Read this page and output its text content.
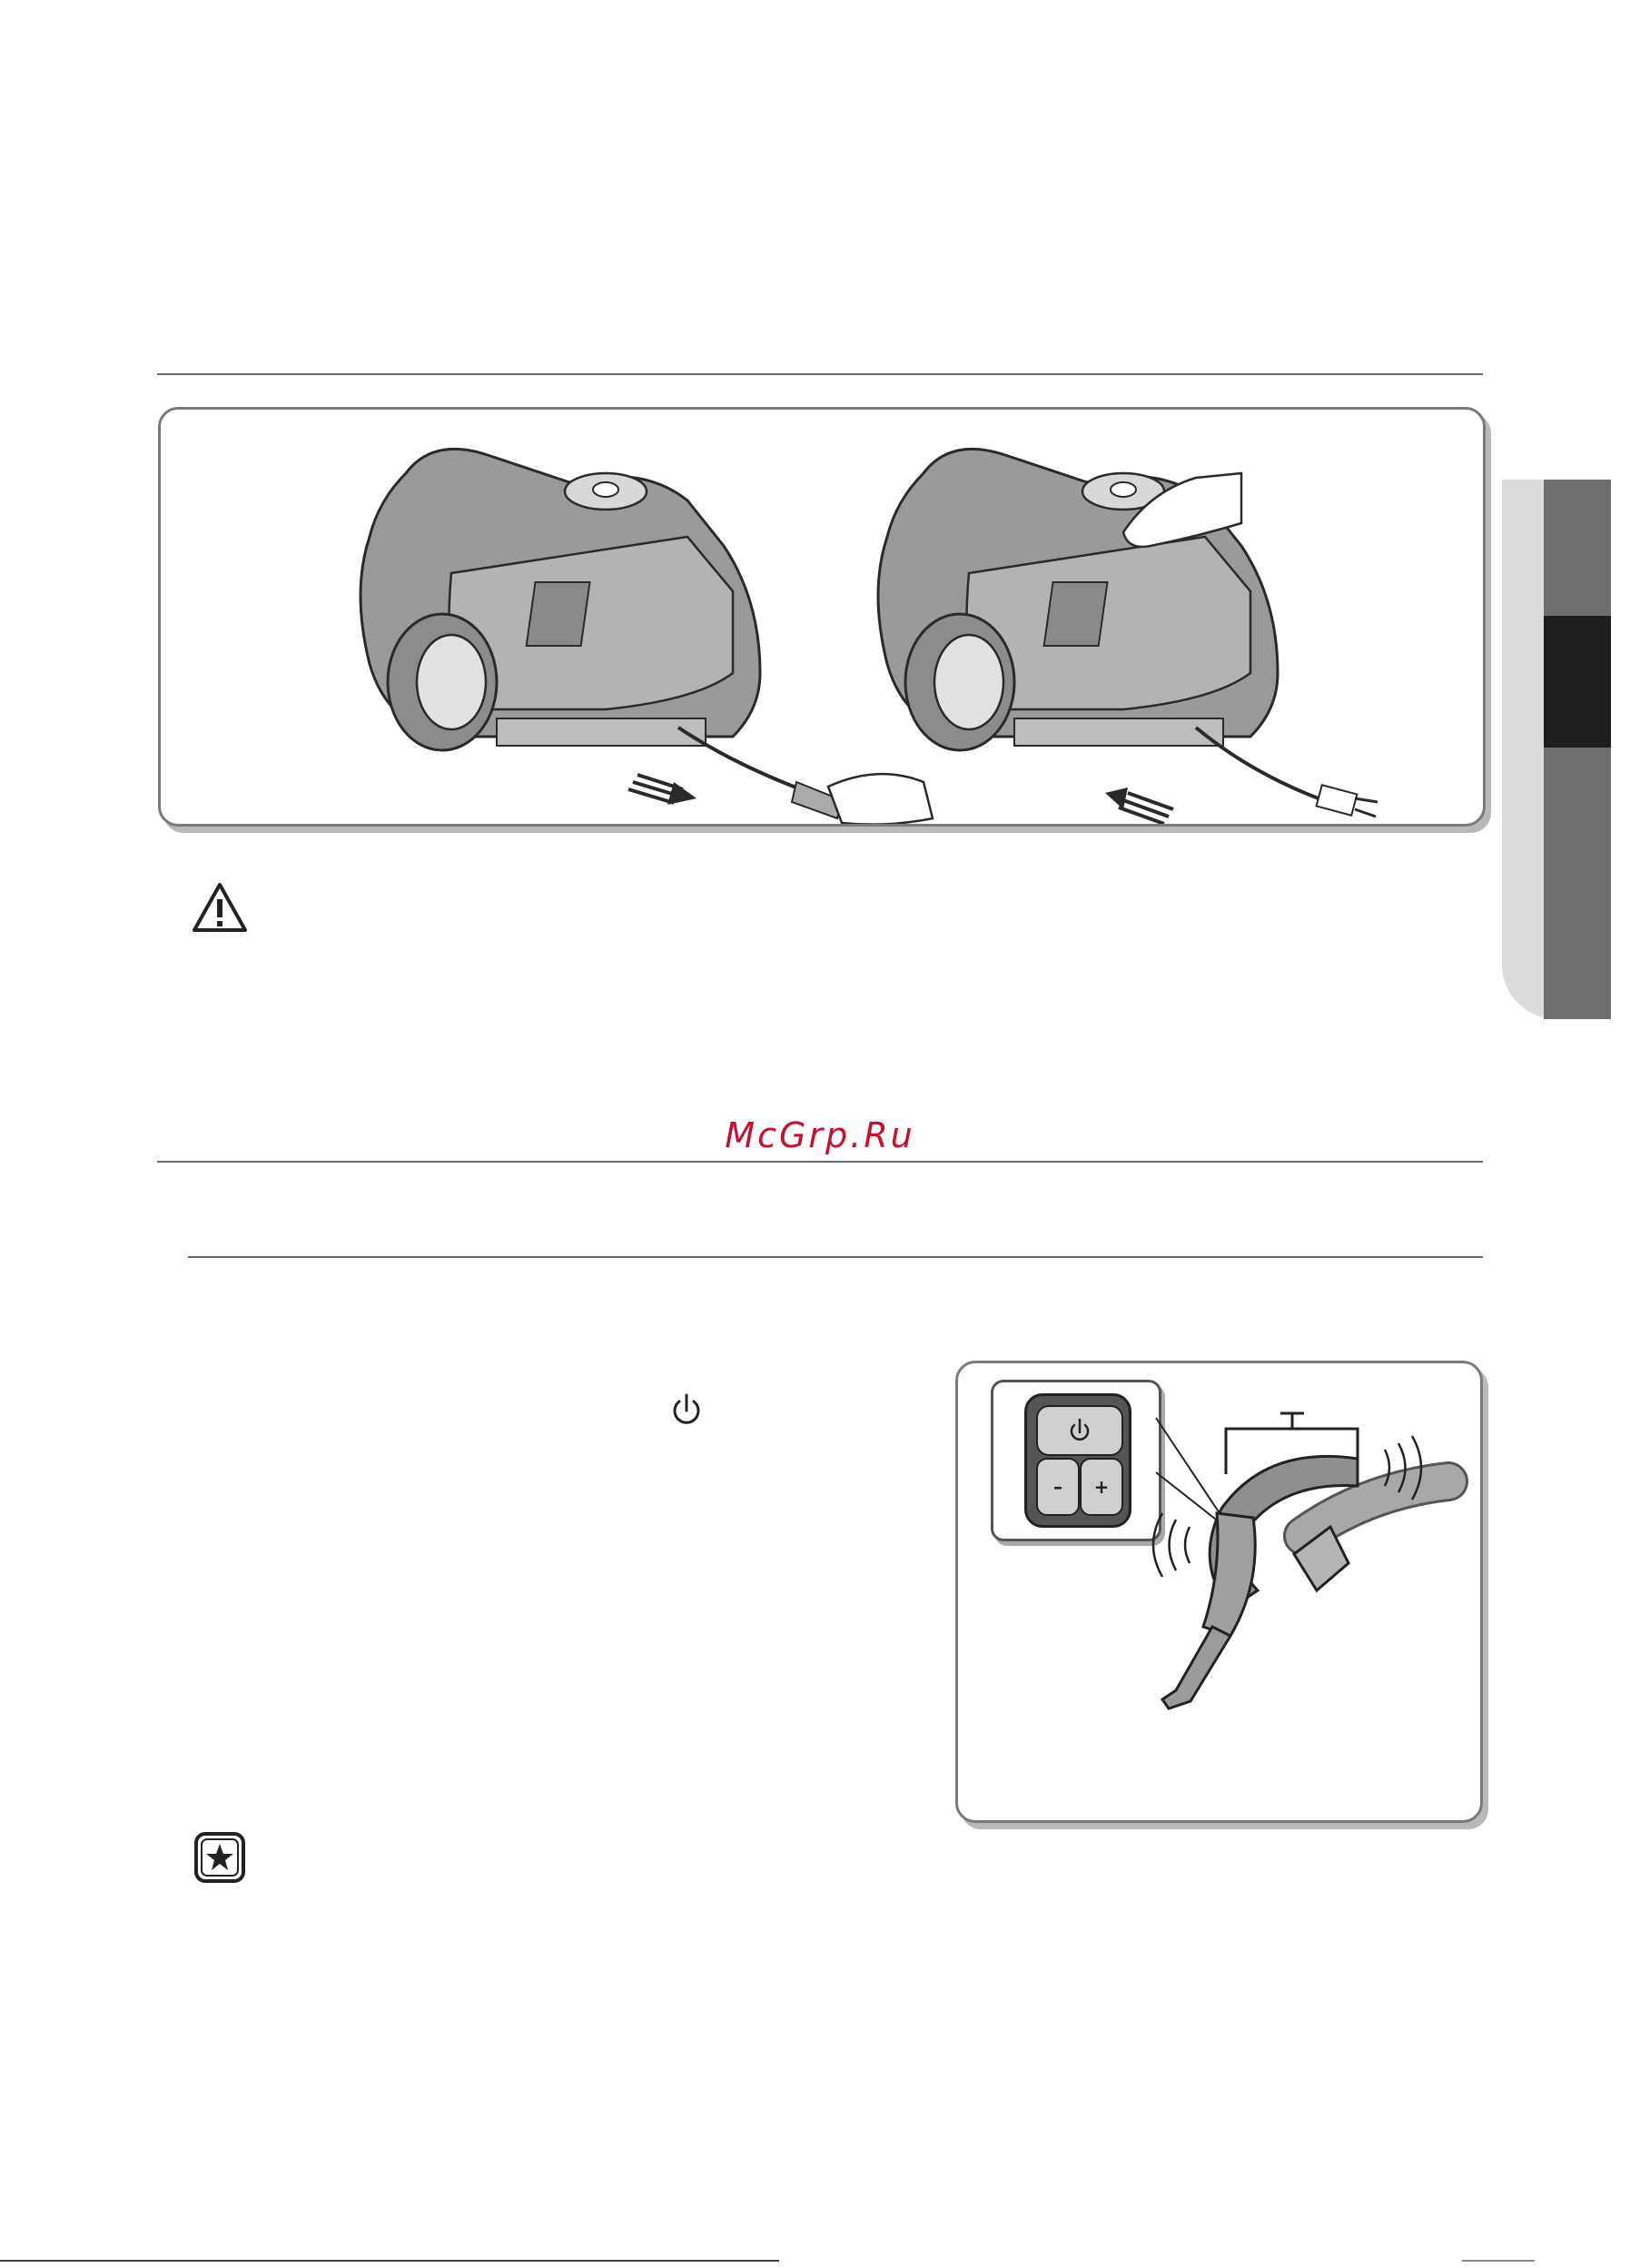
McGrp.Ru
–	+
